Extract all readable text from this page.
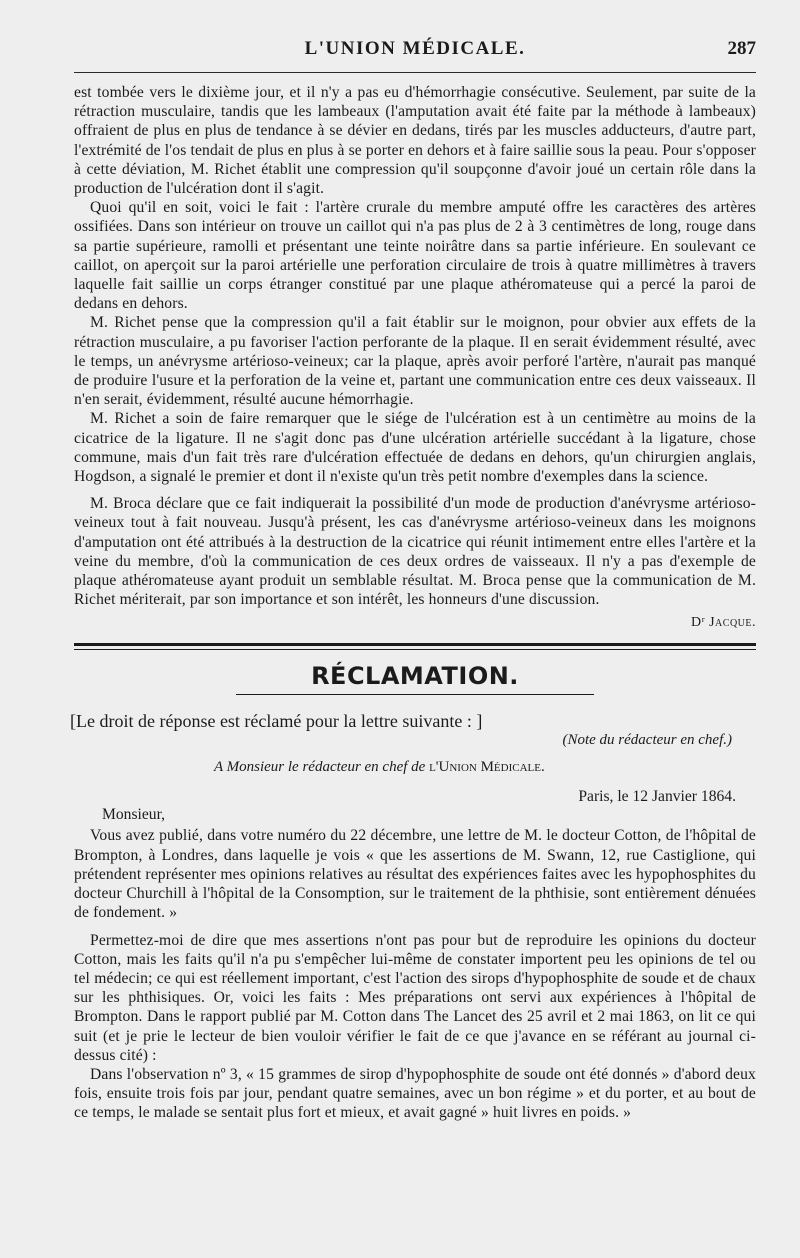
L'UNION MÉDICALE.	287

est tombée vers le dixième jour, et il n'y a pas eu d'hémorrhagie consécutive. Seulement, par suite de la rétraction musculaire, tandis que les lambeaux (l'amputation avait été faite par la méthode à lambeaux) offraient de plus en plus de tendance à se dévier en dedans, tirés par les muscles adducteurs, d'autre part, l'extrémité de l'os tendait de plus en plus à se porter en dehors et à faire saillie sous la peau. Pour s'opposer à cette déviation, M. Richet établit une compression qu'il soupçonne d'avoir joué un certain rôle dans la production de l'ulcération dont il s'agit.

Quoi qu'il en soit, voici le fait : l'artère crurale du membre amputé offre les caractères des artères ossifiées. Dans son intérieur on trouve un caillot qui n'a pas plus de 2 à 3 centimètres de long, rouge dans sa partie supérieure, ramolli et présentant une teinte noirâtre dans sa partie inférieure. En soulevant ce caillot, on aperçoit sur la paroi artérielle une perforation circulaire de trois à quatre millimètres à travers laquelle fait saillie un corps étranger constitué par une plaque athéromateuse qui a percé la paroi de dedans en dehors.

M. Richet pense que la compression qu'il a fait établir sur le moignon, pour obvier aux effets de la rétraction musculaire, a pu favoriser l'action perforante de la plaque. Il en serait évidemment résulté, avec le temps, un anévrysme artérioso-veineux; car la plaque, après avoir perforé l'artère, n'aurait pas manqué de produire l'usure et la perforation de la veine et, partant une communication entre ces deux vaisseaux. Il n'en serait, évidemment, résulté aucune hémorrhagie.

M. Richet a soin de faire remarquer que le siége de l'ulcération est à un centimètre au moins de la cicatrice de la ligature. Il ne s'agit donc pas d'une ulcération artérielle succédant à la ligature, chose commune, mais d'un fait très rare d'ulcération effectuée de dedans en dehors, qu'un chirurgien anglais, Hogdson, a signalé le premier et dont il n'existe qu'un très petit nombre d'exemples dans la science.

M. Broca déclare que ce fait indiquerait la possibilité d'un mode de production d'anévrysme artérioso-veineux tout à fait nouveau. Jusqu'à présent, les cas d'anévrysme artérioso-veineux dans les moignons d'amputation ont été attribués à la destruction de la cicatrice qui réunit intimement entre elles l'artère et la veine du membre, d'où la communication de ces deux ordres de vaisseaux. Il n'y a pas d'exemple de plaque athéromateuse ayant produit un semblable résultat. M. Broca pense que la communication de M. Richet mériterait, par son importance et son intérêt, les honneurs d'une discussion.

Dʳ Jacque.
RÉCLAMATION.
[Le droit de réponse est réclamé pour la lettre suivante : ]
(Note du rédacteur en chef.)
A Monsieur le rédacteur en chef de l'Union Médicale.
Paris, le 12 Janvier 1864.
Monsieur,

Vous avez publié, dans votre numéro du 22 décembre, une lettre de M. le docteur Cotton, de l'hôpital de Brompton, à Londres, dans laquelle je vois « que les assertions de M. Swann, 12, rue Castiglione, qui prétendent représenter mes opinions relatives au résultat des expériences faites avec les hypophosphites du docteur Churchill à l'hôpital de la Consomption, sur le traitement de la phthisie, sont entièrement dénuées de fondement. »

Permettez-moi de dire que mes assertions n'ont pas pour but de reproduire les opinions du docteur Cotton, mais les faits qu'il n'a pu s'empêcher lui-même de constater importent peu les opinions de tel ou tel médecin; ce qui est réellement important, c'est l'action des sirops d'hypophosphite de soude et de chaux sur les phthisiques. Or, voici les faits : Mes préparations ont servi aux expériences à l'hôpital de Brompton. Dans le rapport publié par M. Cotton dans The Lancet des 25 avril et 2 mai 1863, on lit ce qui suit (et je prie le lecteur de bien vouloir vérifier le fait de ce que j'avance en se référant au journal ci-dessus cité) :

Dans l'observation nº 3, « 15 grammes de sirop d'hypophosphite de soude ont été donnés » d'abord deux fois, ensuite trois fois par jour, pendant quatre semaines, avec un bon régime » et du porter, et au bout de ce temps, le malade se sentait plus fort et mieux, et avait gagné » huit livres en poids. »
